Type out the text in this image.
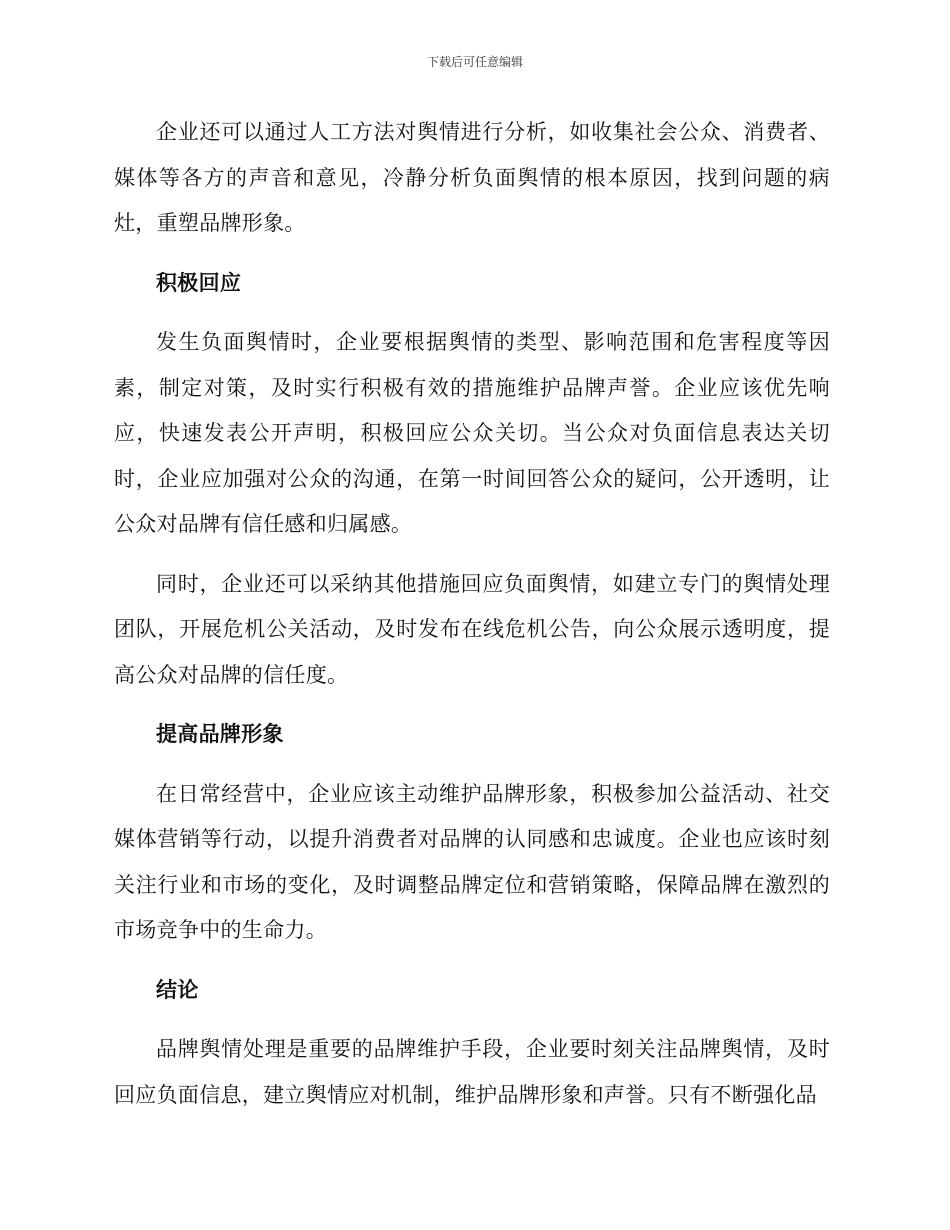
下载后可任意编辑

企业还可以通过人工方法对舆情进行分析，如收集社会公众、消费者、媒体等各方的声音和意见，冷静分析负面舆情的根本原因，找到问题的病灶，重塑品牌形象。

积极回应

发生负面舆情时，企业要根据舆情的类型、影响范围和危害程度等因素，制定对策，及时实行积极有效的措施维护品牌声誉。企业应该优先响应，快速发表公开声明，积极回应公众关切。当公众对负面信息表达关切时，企业应加强对公众的沟通，在第一时间回答公众的疑问，公开透明，让公众对品牌有信任感和归属感。

同时，企业还可以采纳其他措施回应负面舆情，如建立专门的舆情处理团队，开展危机公关活动，及时发布在线危机公告，向公众展示透明度，提高公众对品牌的信任度。

提高品牌形象

在日常经营中，企业应该主动维护品牌形象，积极参加公益活动、社交媒体营销等行动，以提升消费者对品牌的认同感和忠诚度。企业也应该时刻关注行业和市场的变化，及时调整品牌定位和营销策略，保障品牌在激烈的市场竞争中的生命力。

结论

品牌舆情处理是重要的品牌维护手段，企业要时刻关注品牌舆情，及时回应负面信息，建立舆情应对机制，维护品牌形象和声誉。只有不断强化品
